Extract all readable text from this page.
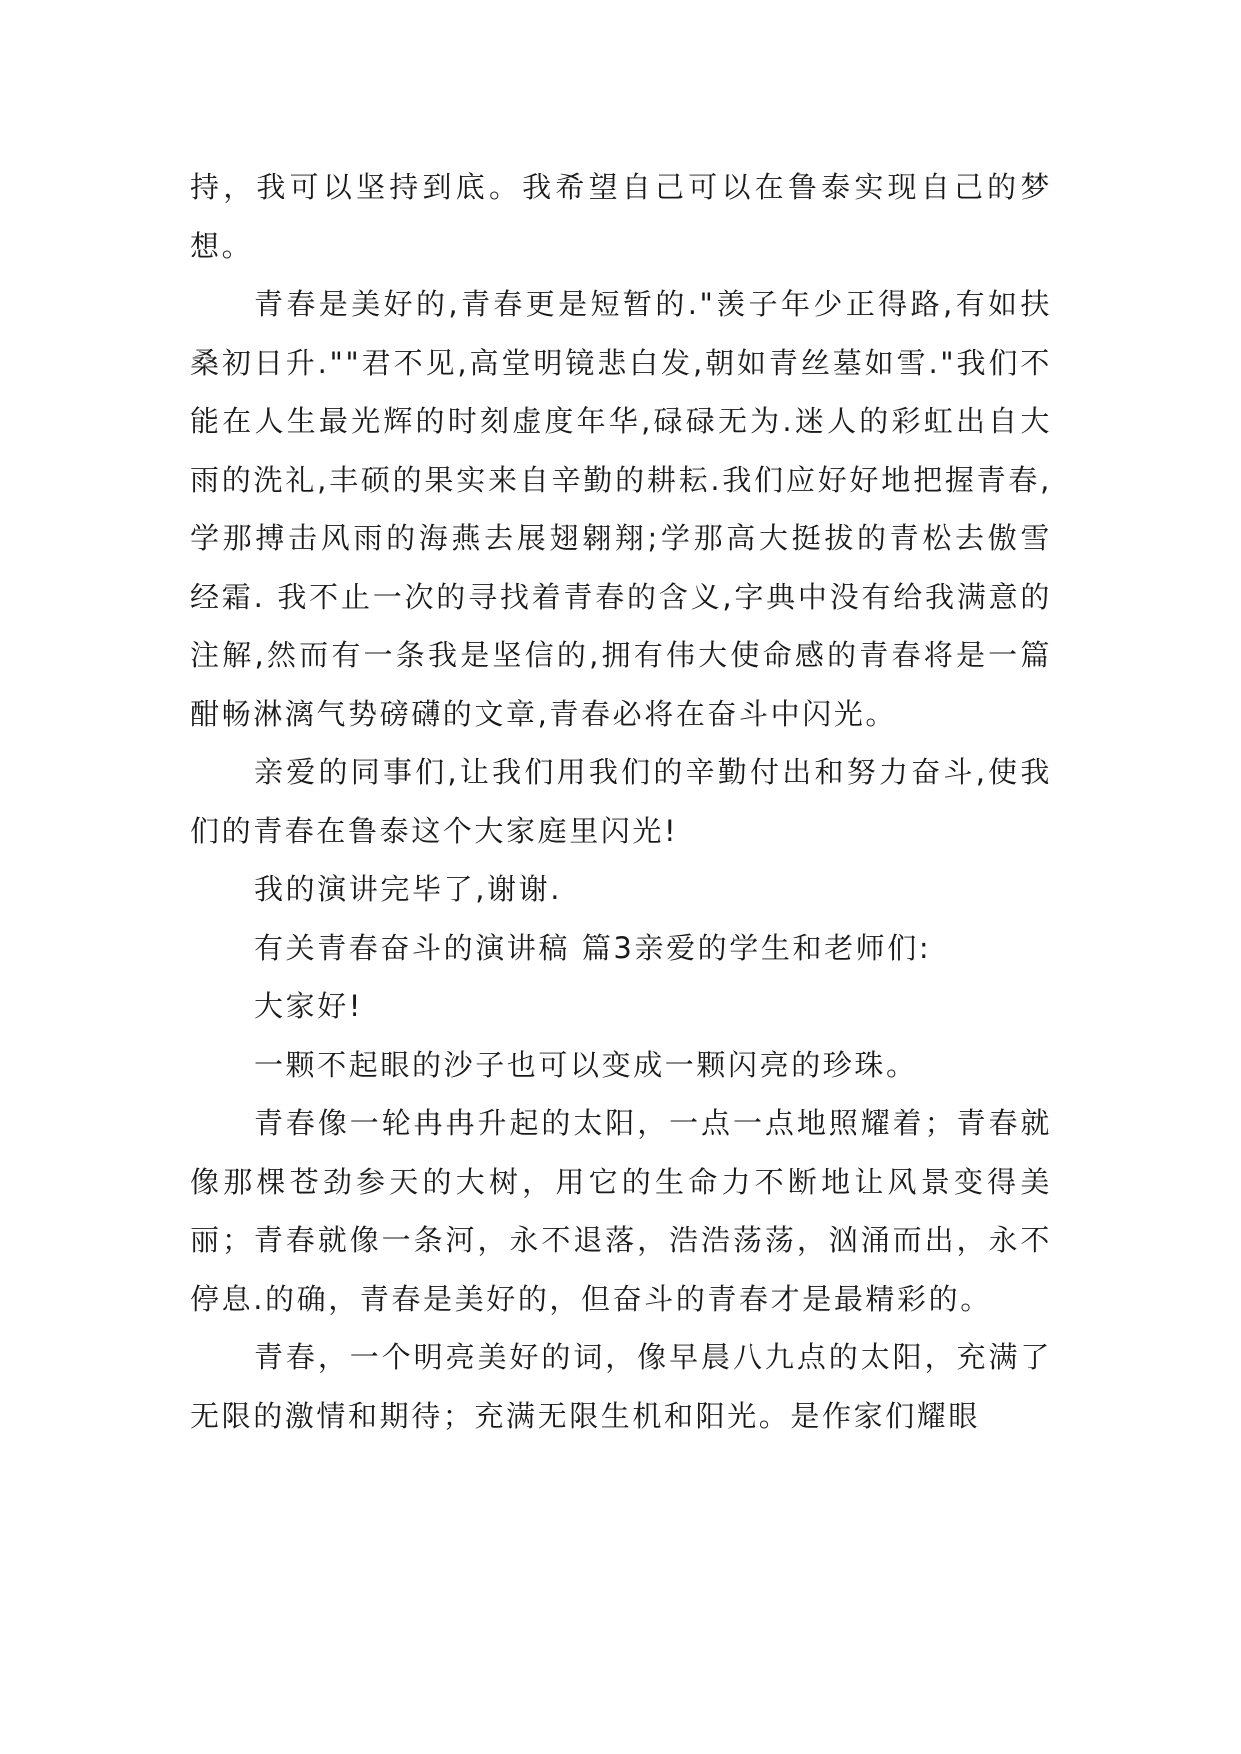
持，我可以坚持到底。我希望自己可以在鲁泰实现自己的梦想。

青春是美好的,青春更是短暂的."羡子年少正得路,有如扶桑初日升.""君不见,高堂明镜悲白发,朝如青丝墓如雪."我们不能在人生最光辉的时刻虚度年华,碌碌无为.迷人的彩虹出自大雨的洗礼,丰硕的果实来自辛勤的耕耘.我们应好好地把握青春,学那搏击风雨的海燕去展翅翱翔;学那高大挺拔的青松去傲雪经霜. 我不止一次的寻找着青春的含义,字典中没有给我满意的注解,然而有一条我是坚信的,拥有伟大使命感的青春将是一篇酣畅淋漓气势磅礴的文章,青春必将在奋斗中闪光。

亲爱的同事们,让我们用我们的辛勤付出和努力奋斗,使我们的青春在鲁泰这个大家庭里闪光!

我的演讲完毕了,谢谢.

有关青春奋斗的演讲稿 篇3亲爱的学生和老师们:

大家好!

一颗不起眼的沙子也可以变成一颗闪亮的珍珠。

青春像一轮冉冉升起的太阳，一点一点地照耀着；青春就像那棵苍劲参天的大树，用它的生命力不断地让风景变得美丽；青春就像一条河，永不退落，浩浩荡荡，汹涌而出，永不停息.的确，青春是美好的，但奋斗的青春才是最精彩的。

青春，一个明亮美好的词，像早晨八九点的太阳，充满了无限的激情和期待；充满无限生机和阳光。是作家们耀眼
